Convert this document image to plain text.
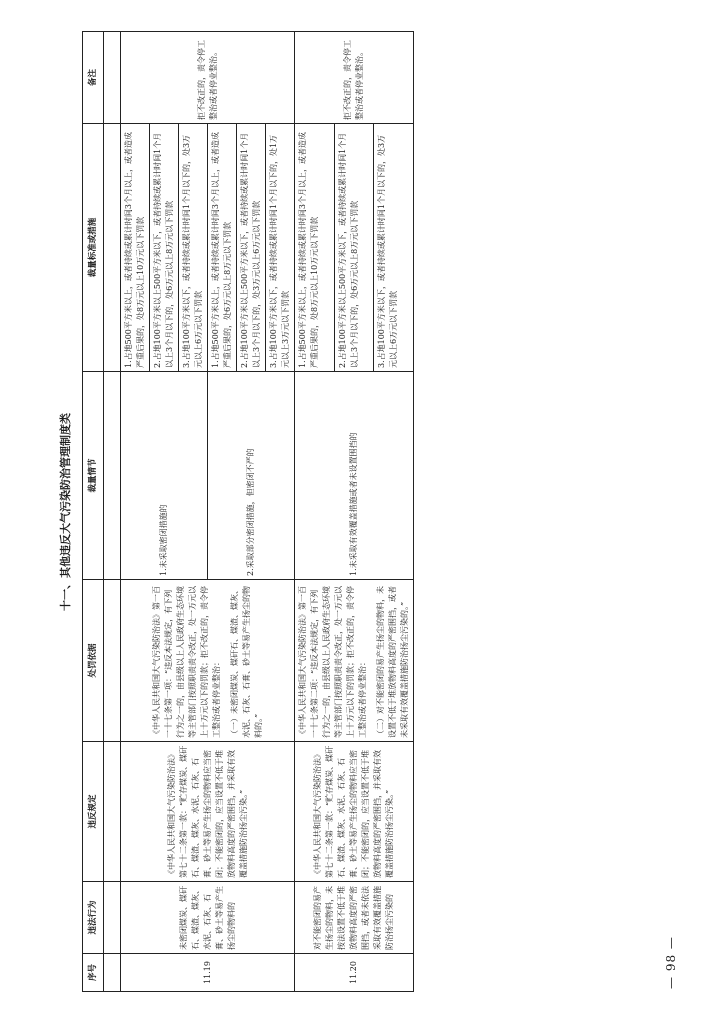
— 98 —
十一、其他违反大气污染防治管理制度类
序号	违法行为	违反规定	处罚依据	裁量情节	裁量标准或措施	备注

11.19	未密闭煤炭、煤矸石、煤渣、煤灰、水泥、石灰、石膏、砂土等易产生扬尘的物料的	《中华人民共和国大气污染防治法》第七十二条第一款：“贮存煤炭、煤矸石、煤渣、煤灰、水泥、石灰、石膏、砂土等易产生扬尘的物料应当密闭；不能密闭的，应当设置不低于堆放物料高度的严密围挡，并采取有效覆盖措施防治扬尘污染。”	《中华人民共和国大气污染防治法》第一百一十七条第一项：“违反本法规定，有下列行为之一的，由县级以上人民政府生态环境等主管部门按照职责责令改正，处一万元以上十万元以下的罚款；拒不改正的，责令停工整治或者停业整治： （一）未密闭煤炭、煤矸石、煤渣、煤灰、水泥、石灰、石膏、砂土等易产生扬尘的物料的。”	1.未采取密闭措施的	1.占地500平方米以上，或者持续或累计时间3个月以上，或者造成严重后果的，处8万元以上10万元以下罚款	拒不改正的，责令停工整治或者停业整治。
					2.占地100平方米以上500平方米以下，或者持续或累计时间1个月以上3个月以下的，处6万元以上8万元以下罚款	
					3.占地100平方米以下，或者持续或累计时间1个月以下的，处3万元以上6万元以下罚款	
				2.采取部分密闭措施，但密闭不严的	1.占地500平方米以上，或者持续或累计时间3个月以上，或者造成严重后果的，处6万元以上8万元以下罚款	
					2.占地100平方米以上500平方米以下，或者持续或累计时间1个月以上3个月以下的，处3万元以上6万元以下罚款	
					3.占地100平方米以下，或者持续或累计时间1个月以下的，处1万元以上3万元以下罚款	
11.20	对不能密闭的易产生扬尘的物料，未按法设置不低于堆放物料高度的严密围挡，或者未依法采取有效覆盖措施防治扬尘污染的	《中华人民共和国大气污染防治法》第七十二条第一款：“贮存煤炭、煤矸石、煤渣、煤灰、水泥、石灰、石膏、砂土等易产生扬尘的物料应当密闭；不能密闭的，应当设置不低于堆放物料高度的严密围挡，并采取有效覆盖措施防治扬尘污染。”	《中华人民共和国大气污染防治法》第一百一十七条第二项：“违反本法规定，有下列行为之一的，由县级以上人民政府生态环境等主管部门按照职责责令改正，处一万元以上十万元以下的罚款；拒不改正的，责令停工整治或者停业整治： （二）对不能密闭的易产生扬尘的物料，未设置不低于堆放物料高度的严密围挡，或者未采取有效覆盖措施防治扬尘污染的。”	1.未采取有效覆盖措施或者未设置围挡的	1.占地500平方米以上，或者持续或累计时间3个月以上，或者造成严重后果的，处8万元以上10万元以下罚款	拒不改正的，责令停工整治或者停业整治。
					2.占地100平方米以上500平方米以下，或者持续或累计时间1个月以上3个月以下的，处6万元以上8万元以下罚款	
					3.占地100平方米以下，或者持续或累计时间1个月以下的，处3万元以上6万元以下罚款	
